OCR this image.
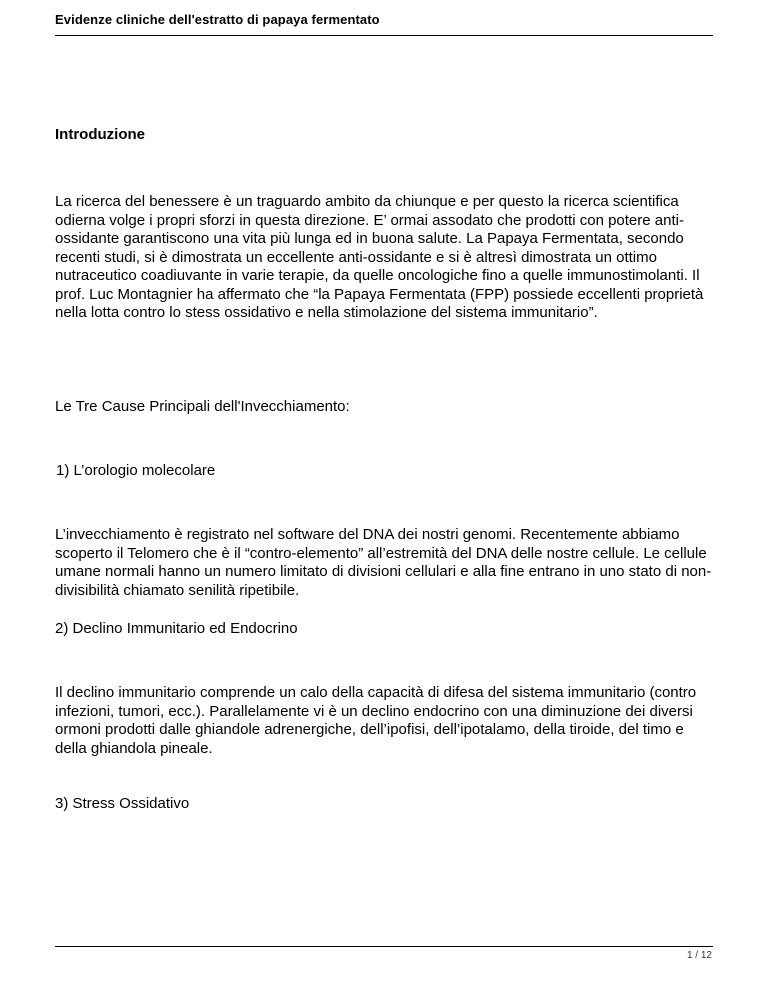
Evidenze cliniche dell'estratto di papaya fermentato

Introduzione

La ricerca del benessere è un traguardo ambito da chiunque e per questo la ricerca scientifica odierna volge i propri sforzi in questa direzione. E’ ormai assodato che prodotti con potere anti-ossidante garantiscono una vita più lunga ed in buona salute. La Papaya Fermentata, secondo recenti studi, si è dimostrata un eccellente anti-ossidante e si è altresì dimostrata un ottimo nutraceutico coadiuvante in varie terapie, da quelle oncologiche fino a quelle immunostimolanti. Il prof. Luc Montagnier ha affermato che “la Papaya Fermentata (FPP) possiede eccellenti proprietà nella lotta contro lo stess ossidativo e nella stimolazione del sistema immunitario”.

Le Tre Cause Principali dell'Invecchiamento:

1) L’orologio molecolare

L’invecchiamento è registrato nel software del DNA dei nostri genomi. Recentemente abbiamo scoperto il Telomero che è il “contro-elemento” all’estremità del DNA delle nostre cellule. Le cellule umane normali hanno un numero limitato di divisioni cellulari e alla fine entrano in uno stato di non-divisibilità chiamato senilità ripetibile.

2) Declino Immunitario ed Endocrino

Il declino immunitario comprende un calo della capacità di difesa del sistema immunitario (contro infezioni, tumori, ecc.). Parallelamente vi è un declino endocrino con una diminuzione dei diversi ormoni prodotti dalle ghiandole adrenergiche, dell’ipofisi, dell’ipotalamo, della tiroide, del timo e della ghiandola pineale.

3) Stress Ossidativo

1 / 12
